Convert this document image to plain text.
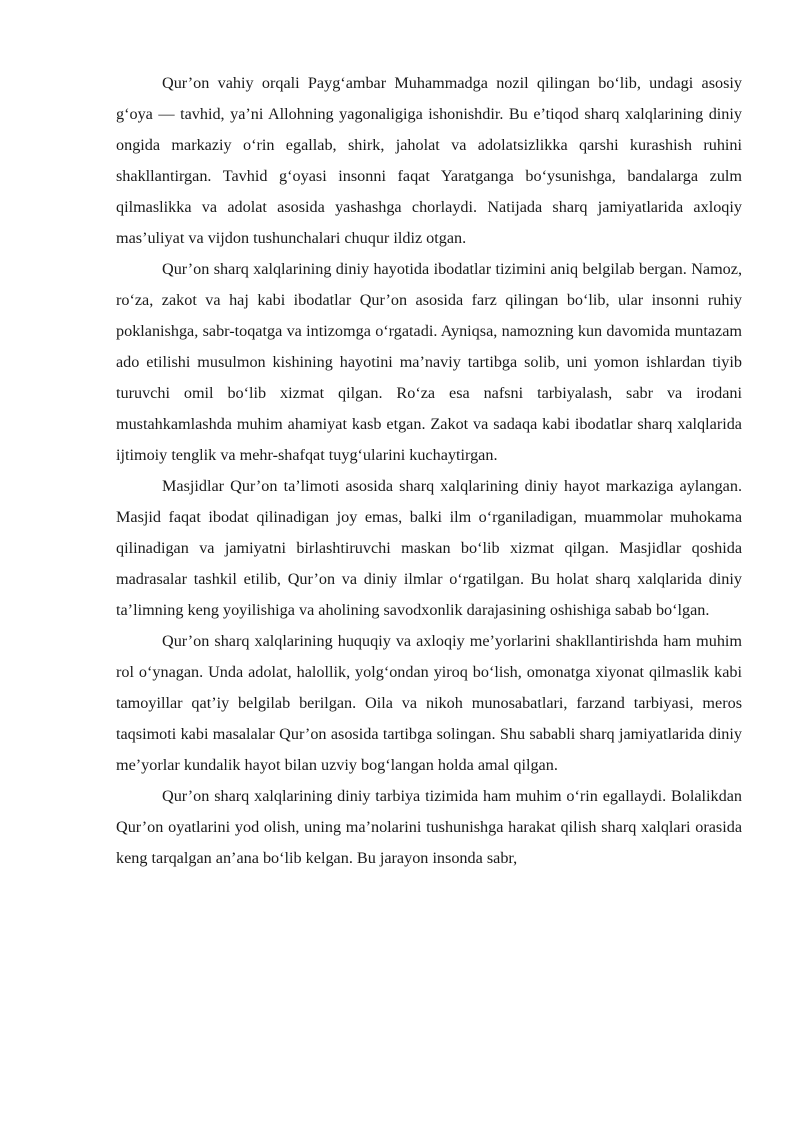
Qur’on vahiy orqali Payg‘ambar Muhammadga nozil qilingan bo‘lib, undagi asosiy g‘oya — tavhid, ya’ni Allohning yagonaligiga ishonishdir. Bu e’tiqod sharq xalqlarining diniy ongida markaziy o‘rin egallab, shirk, jaholat va adolatsizlikka qarshi kurashish ruhini shakllantirgan. Tavhid g‘oyasi insonni faqat Yaratganga bo‘ysunishga, bandalarga zulm qilmaslikka va adolat asosida yashashga chorlaydi. Natijada sharq jamiyatlarida axloqiy mas’uliyat va vijdon tushunchalari chuqur ildiz otgan.

Qur’on sharq xalqlarining diniy hayotida ibodatlar tizimini aniq belgilab bergan. Namoz, ro‘za, zakot va haj kabi ibodatlar Qur’on asosida farz qilingan bo‘lib, ular insonni ruhiy poklanishga, sabr-toqatga va intizomga o‘rgatadi. Ayniqsa, namozning kun davomida muntazam ado etilishi musulmon kishining hayotini ma’naviy tartibga solib, uni yomon ishlardan tiyib turuvchi omil bo‘lib xizmat qilgan. Ro‘za esa nafsni tarbiyalash, sabr va irodani mustahkamlashda muhim ahamiyat kasb etgan. Zakot va sadaqa kabi ibodatlar sharq xalqlarida ijtimoiy tenglik va mehr-shafqat tuyg‘ularini kuchaytirgan.

Masjidlar Qur’on ta’limoti asosida sharq xalqlarining diniy hayot markaziga aylangan. Masjid faqat ibodat qilinadigan joy emas, balki ilm o‘rganiladigan, muammolar muhokama qilinadigan va jamiyatni birlashtiruvchi maskan bo‘lib xizmat qilgan. Masjidlar qoshida madrasalar tashkil etilib, Qur’on va diniy ilmlar o‘rgatilgan. Bu holat sharq xalqlarida diniy ta’limning keng yoyilishiga va aholining savodxonlik darajasining oshishiga sabab bo‘lgan.

Qur’on sharq xalqlarining huquqiy va axloqiy me’yorlarini shakllantirishda ham muhim rol o‘ynagan. Unda adolat, halollik, yolg‘ondan yiroq bo‘lish, omonatga xiyonat qilmaslik kabi tamoyillar qat’iy belgilab berilgan. Oila va nikoh munosabatlari, farzand tarbiyasi, meros taqsimoti kabi masalalar Qur’on asosida tartibga solingan. Shu sababli sharq jamiyatlarida diniy me’yorlar kundalik hayot bilan uzviy bog‘langan holda amal qilgan.

Qur’on sharq xalqlarining diniy tarbiya tizimida ham muhim o‘rin egallaydi. Bolalikdan Qur’on oyatlarini yod olish, uning ma’nolarini tushunishga harakat qilish sharq xalqlari orasida keng tarqalgan an’ana bo‘lib kelgan. Bu jarayon insonda sabr,
